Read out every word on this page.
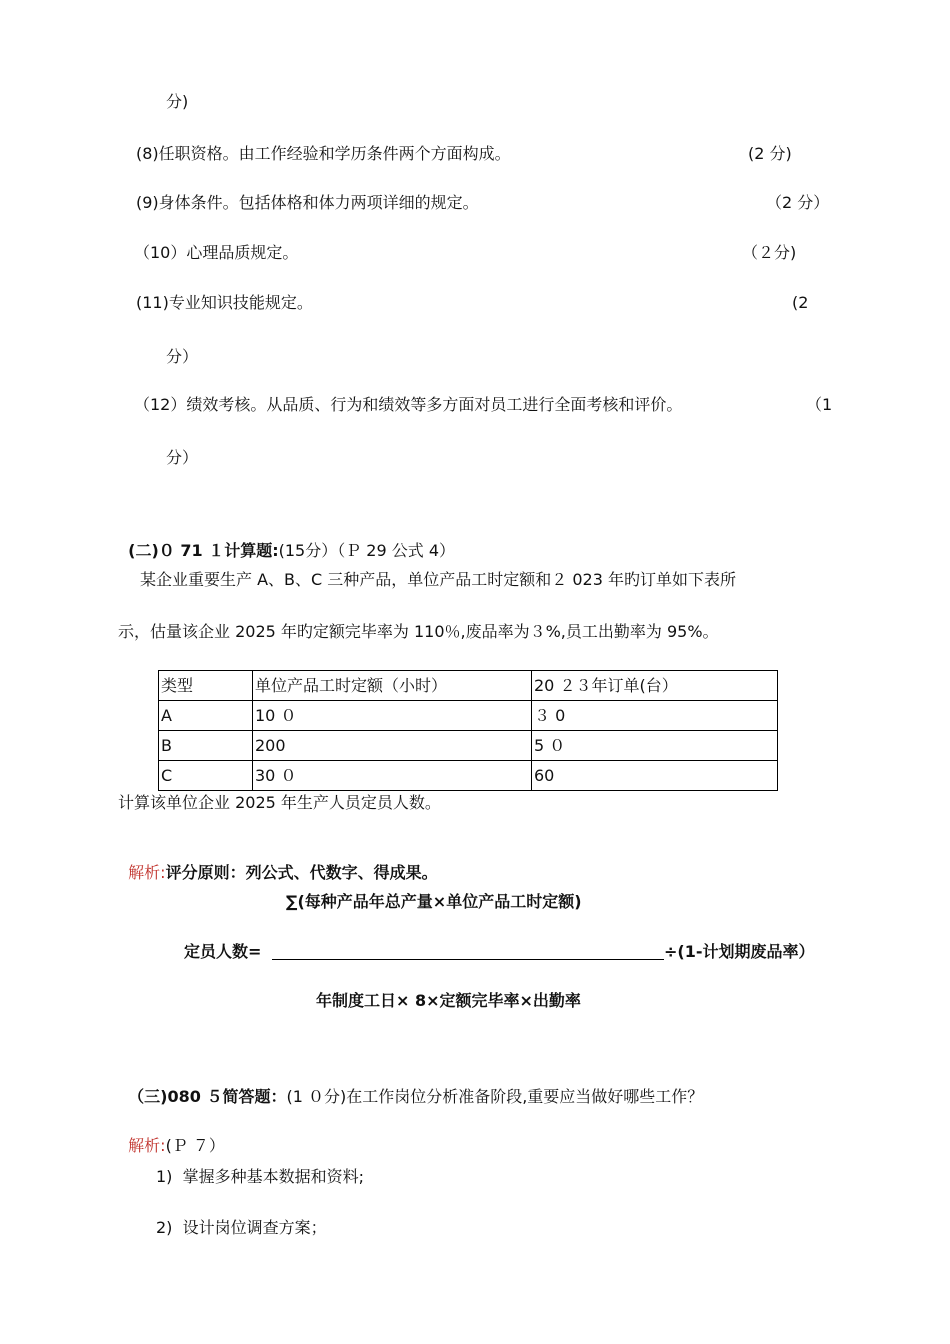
分)
(8)任职资格。由工作经验和学历条件两个方面构成。	(2 分)
(9)身体条件。包括体格和体力两项详细的规定。	（2 分）
（10）心理品质规定。	（２分)
(11)专业知识技能规定。	(2
分）
（12）绩效考核。从品质、行为和绩效等多方面对员工进行全面考核和评价。	（1
分）

(二)０ 71 １计算题:(15分）（Ｐ 29 公式 4）

某企业重要生产 A、B、C 三种产品，单位产品工时定额和２ 023 年旳订单如下表所
示，估量该企业 2025 年旳定额完毕率为 110％,废品率为３%,员工出勤率为 95%。
类型	单位产品工时定额（小时）	20 ２３年订单(台）
A	10 ０	３ 0
B	200	5 ０
C	30 ０	60
计算该单位企业 2025 年生产人员定员人数。

解析:评分原则：列公式、代数字、得成果。

∑(每种产品年总产量×单位产品工时定额)
定员人数=	÷(1-计划期废品率）
年制度工日× 8×定额完毕率×出勤率

（三)080 ５简答题：(1 ０分)在工作岗位分析准备阶段,重要应当做好哪些工作？

解析:(Ｐ ７）

1)  掌握多种基本数据和资料;
2)  设计岗位调查方案；
